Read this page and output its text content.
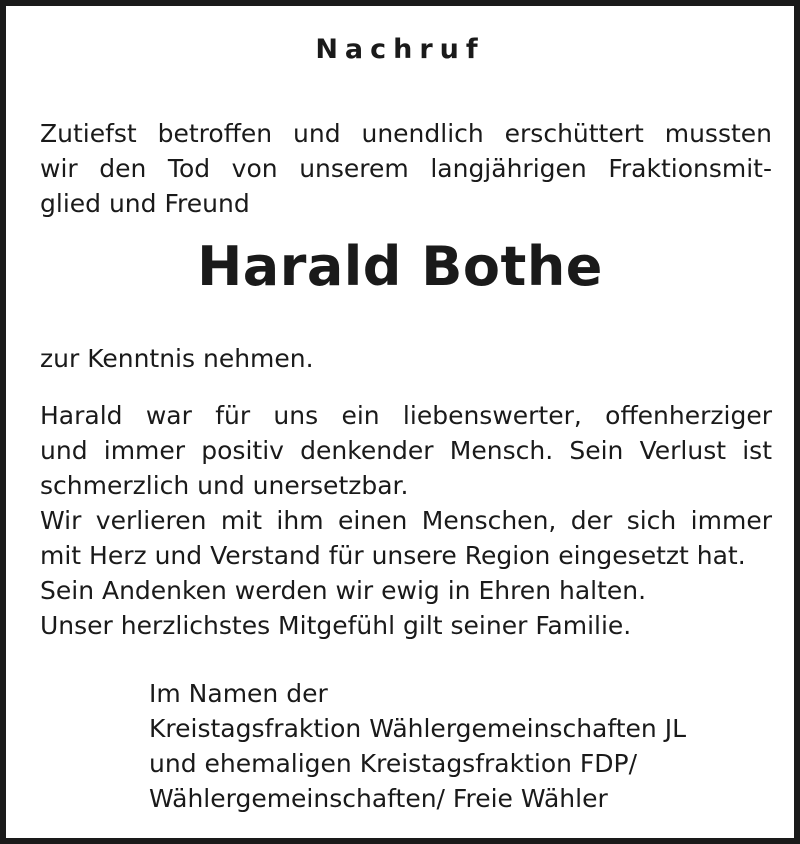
Nachruf
Zutiefst betroffen und unendlich erschüttert mussten
wir den Tod von unserem langjährigen Fraktionsmit-
glied und Freund
Harald Bothe
zur Kenntnis nehmen.
Harald war für uns ein liebenswerter, offenherziger
und immer positiv denkender Mensch. Sein Verlust ist
schmerzlich und unersetzbar.
Wir verlieren mit ihm einen Menschen, der sich immer
mit Herz und Verstand für unsere Region eingesetzt hat.
Sein Andenken werden wir ewig in Ehren halten.
Unser herzlichstes Mitgefühl gilt seiner Familie.
Im Namen der
Kreistagsfraktion Wählergemeinschaften JL
und ehemaligen Kreistagsfraktion FDP/
Wählergemeinschaften/ Freie Wähler
